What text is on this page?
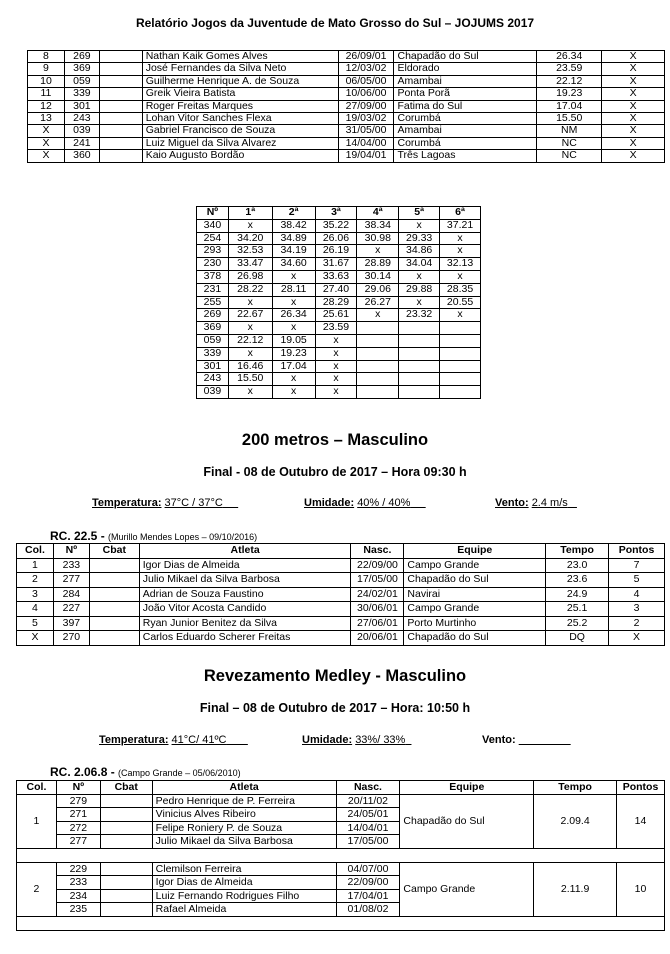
Relatório Jogos da Juventude de Mato Grosso do Sul – JOJUMS 2017
8	269		Nathan Kaik Gomes Alves	26/09/01	Chapadão do Sul	26.34	X
9	369		José Fernandes da Silva Neto	12/03/02	Eldorado	23.59	X
10	059		Guilherme Henrique A. de Souza	06/05/00	Amambai	22.12	X
11	339		Greik Vieira Batista	10/06/00	Ponta Porã	19.23	X
12	301		Roger Freitas Marques	27/09/00	Fatima do Sul	17.04	X
13	243		Lohan Vitor Sanches Flexa	19/03/02	Corumbá	15.50	X
X	039		Gabriel Francisco de Souza	31/05/00	Amambai	NM	X
X	241		Luiz Miguel da Silva Alvarez	14/04/00	Corumbá	NC	X
X	360		Kaio Augusto Bordão	19/04/01	Três Lagoas	NC	X
Nº	1ª	2ª	3ª	4ª	5ª	6ª
340	x	38.42	35.22	38.34	x	37.21
254	34.20	34.89	26.06	30.98	29.33	x
293	32.53	34.19	26.19	x	34.86	x
230	33.47	34.60	31.67	28.89	34.04	32.13
378	26.98	x	33.63	30.14	x	x
231	28.22	28.11	27.40	29.06	29.88	28.35
255	x	x	28.29	26.27	x	20.55
269	22.67	26.34	25.61	x	23.32	x
369	x	x	23.59			
059	22.12	19.05	x			
339	x	19.23	x			
301	16.46	17.04	x			
243	15.50	x	x			
039	x	x	x			
200 metros – Masculino
Final - 08 de Outubro de 2017 – Hora 09:30 h
Temperatura: 37°C / 37°C	Umidade: 40% / 40%	Vento: 2.4 m/s
RC. 22.5 - (Murillo Mendes Lopes – 09/10/2016)
Col.	Nº	Cbat	Atleta	Nasc.	Equipe	Tempo	Pontos
1	233		Igor Dias de Almeida	22/09/00	Campo Grande	23.0	7
2	277		Julio Mikael da Silva Barbosa	17/05/00	Chapadão do Sul	23.6	5
3	284		Adrian de Souza Faustino	24/02/01	Navirai	24.9	4
4	227		João Vitor Acosta Candido	30/06/01	Campo Grande	25.1	3
5	397		Ryan Junior Benitez da Silva	27/06/01	Porto Murtinho	25.2	2
X	270		Carlos Eduardo Scherer Freitas	20/06/01	Chapadão do Sul	DQ	X
Revezamento Medley - Masculino
Final – 08 de Outubro de 2017 – Hora: 10:50 h
Temperatura: 41°C/ 41ºC	Umidade: 33%/ 33%	Vento:
RC. 2.06.8 - (Campo Grande – 05/06/2010)
Col.	Nº	Cbat	Atleta	Nasc.	Equipe	Tempo	Pontos
1	279		Pedro Henrique de P. Ferreira	20/11/02	Chapadão do Sul	2.09.4	14
	271		Vinicius Alves Ribeiro	24/05/01			
	272		Felipe Roniery P. de Souza	14/04/01			
	277		Julio Mikael da Silva Barbosa	17/05/00			

2	229		Clemilson Ferreira	04/07/00	Campo Grande	2.11.9	10
	233		Igor Dias de Almeida	22/09/00			
	234		Luiz Fernando Rodrigues Filho	17/04/01			
	235		Rafael Almeida	01/08/02			
